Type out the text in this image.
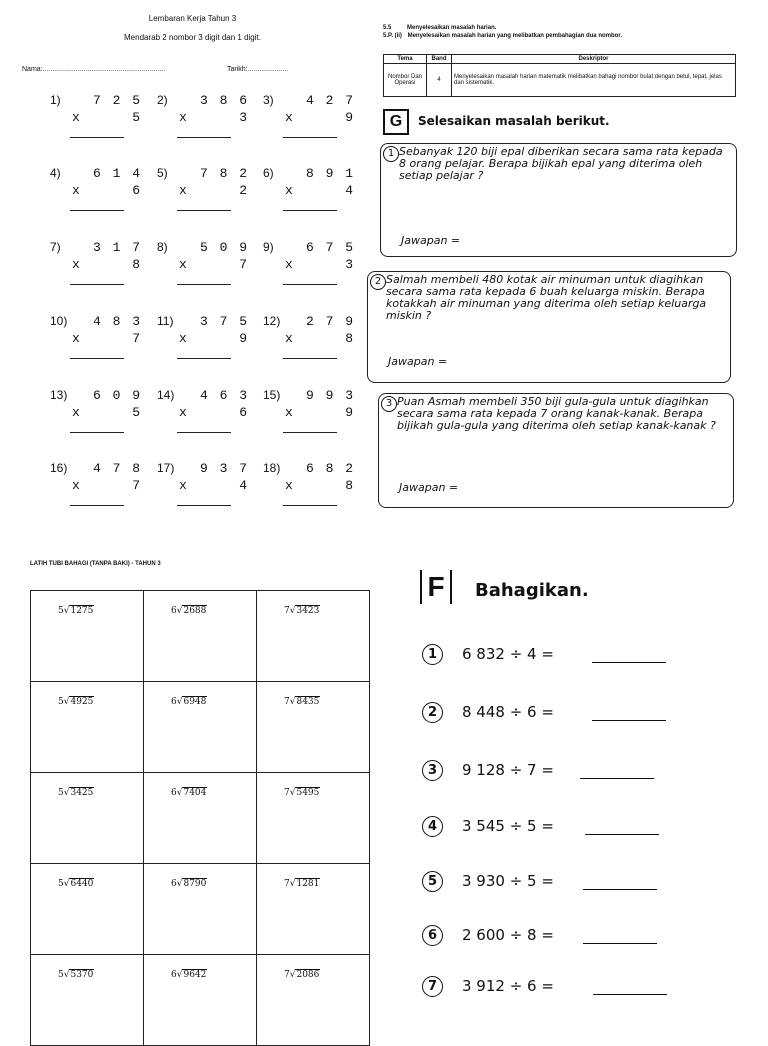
Lembaran Kerja Tahun 3
Mendarab 2 nombor 3 digit dan 1 digit.
Nama:...............................................................	Tarikh:.....................
1)	7 2 5
x	5
2)	3 8 6
x	3
3)	4 2 7
x	9
4)	6 1 4
x	6
5)	7 8 2
x	2
6)	8 9 1
x	4
7)	3 1 7
x	8
8)	5 0 9
x	7
9)	6 7 5
x	3
10)	4 8 3
x	7
11)	3 7 5
x	9
12)	2 7 9
x	8
13)	6 0 9
x	5
14)	4 6 3
x	6
15)	9 9 3
x	9
16)	4 7 8
x	7
17)	9 3 7
x	4
18)	6 8 2
x	8
5.5	Menyelesaikan masalah harian.
5.P. (ii) Menyelesaikan masalah harian yang melibatkan pembahagian dua nombor.
Tema	Band	Deskriptor
Nombor Dan Operasi	4	Menyelesaikan masalah harian matematik melibatkan bahagi nombor bulat dengan betul, tepat, jelas dan sistematik.
G	Selesaikan masalah berikut.
1 Sebanyak 120 biji epal diberikan secara sama rata kepada 8 orang pelajar. Berapa bijikah epal yang diterima oleh setiap pelajar ?
Jawapan =
2 Salmah membeli 480 kotak air minuman untuk diagihkan secara sama rata kepada 6 buah keluarga miskin. Berapa kotakkah air minuman yang diterima oleh setiap keluarga miskin ?
Jawapan =
3 Puan Asmah membeli 350 biji gula-gula untuk diagihkan secara sama rata kepada 7 orang kanak-kanak. Berapa bijikah gula-gula yang diterima oleh setiap kanak-kanak ?
Jawapan =
LATIH TUBI BAHAGI (TANPA BAKI) - TAHUN 3
5√1275	6√2688	7√3423

5√4925	6√6948	7√8435

5√3425	6√7404	7√5495

5√6440	6√8790	7√1281

5√5370	6√9642	7√2086
F	Bahagikan.
1	6 832 ÷ 4 =
2	8 448 ÷ 6 =
3	9 128 ÷ 7 =
4	3 545 ÷ 5 =
5	3 930 ÷ 5 =
6	2 600 ÷ 8 =
7	3 912 ÷ 6 =
